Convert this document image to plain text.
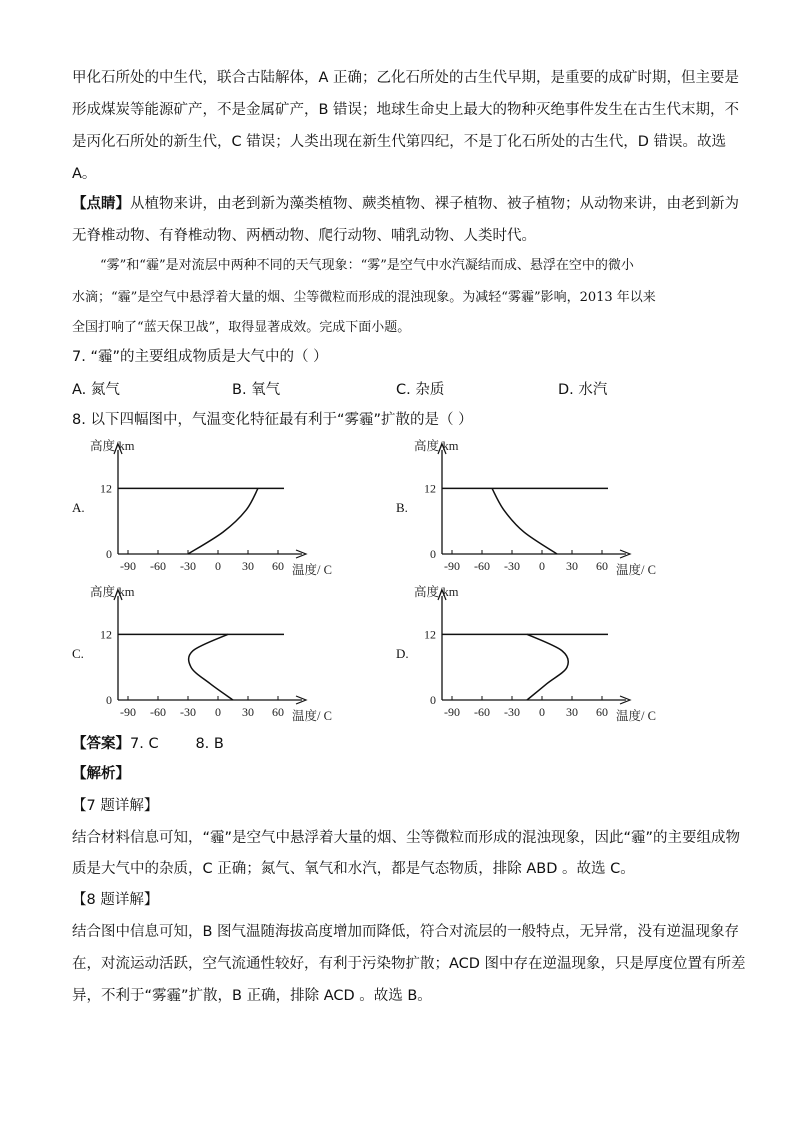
甲化石所处的中生代，联合古陆解体，A 正确；乙化石所处的古生代早期，是重要的成矿时期，但主要是
形成煤炭等能源矿产，不是金属矿产，B 错误；地球生命史上最大的物种灭绝事件发生在古生代末期，不
是丙化石所处的新生代，C 错误；人类出现在新生代第四纪，不是丁化石所处的古生代，D 错误。故选
A。
【点睛】从植物来讲，由老到新为藻类植物、蕨类植物、裸子植物、被子植物；从动物来讲，由老到新为
无脊椎动物、有脊椎动物、两栖动物、爬行动物、哺乳动物、人类时代。
“雾”和“霾”是对流层中两种不同的天气现象：“雾”是空气中水汽凝结而成、悬浮在空中的微小
水滴；“霾”是空气中悬浮着大量的烟、尘等微粒而形成的混浊现象。为减轻“雾霾”影响，2013 年以来
全国打响了“蓝天保卫战”，取得显著成效。完成下面小题。
7. “霾”的主要组成物质是大气中的（ ）
A. 氮气	B. 氧气	C. 杂质	D. 水汽
8. 以下四幅图中，气温变化特征最有利于“雾霾”扩散的是（ ）
A.
高度/km
0
12
-90 -60 -30 0 30 60 温度/ C
B.
高度/km
0
12
-90 -60 -30 0 30 60 温度/ C
C.
高度/km
0
12
-90 -60 -30 0 30 60 温度/ C
D.
高度/km
0
12
-90 -60 -30 0 30 60 温度/ C
【答案】7. C        8. B
【解析】
【7 题详解】
结合材料信息可知，“霾”是空气中悬浮着大量的烟、尘等微粒而形成的混浊现象，因此“霾”的主要组成物
质是大气中的杂质，C 正确；氮气、氧气和水汽，都是气态物质，排除 ABD 。故选 C。
【8 题详解】
结合图中信息可知，B 图气温随海拔高度增加而降低，符合对流层的一般特点，无异常，没有逆温现象存
在，对流运动活跃，空气流通性较好，有利于污染物扩散；ACD 图中存在逆温现象，只是厚度位置有所差
异，不利于“雾霾”扩散，B 正确，排除 ACD 。故选 B。
